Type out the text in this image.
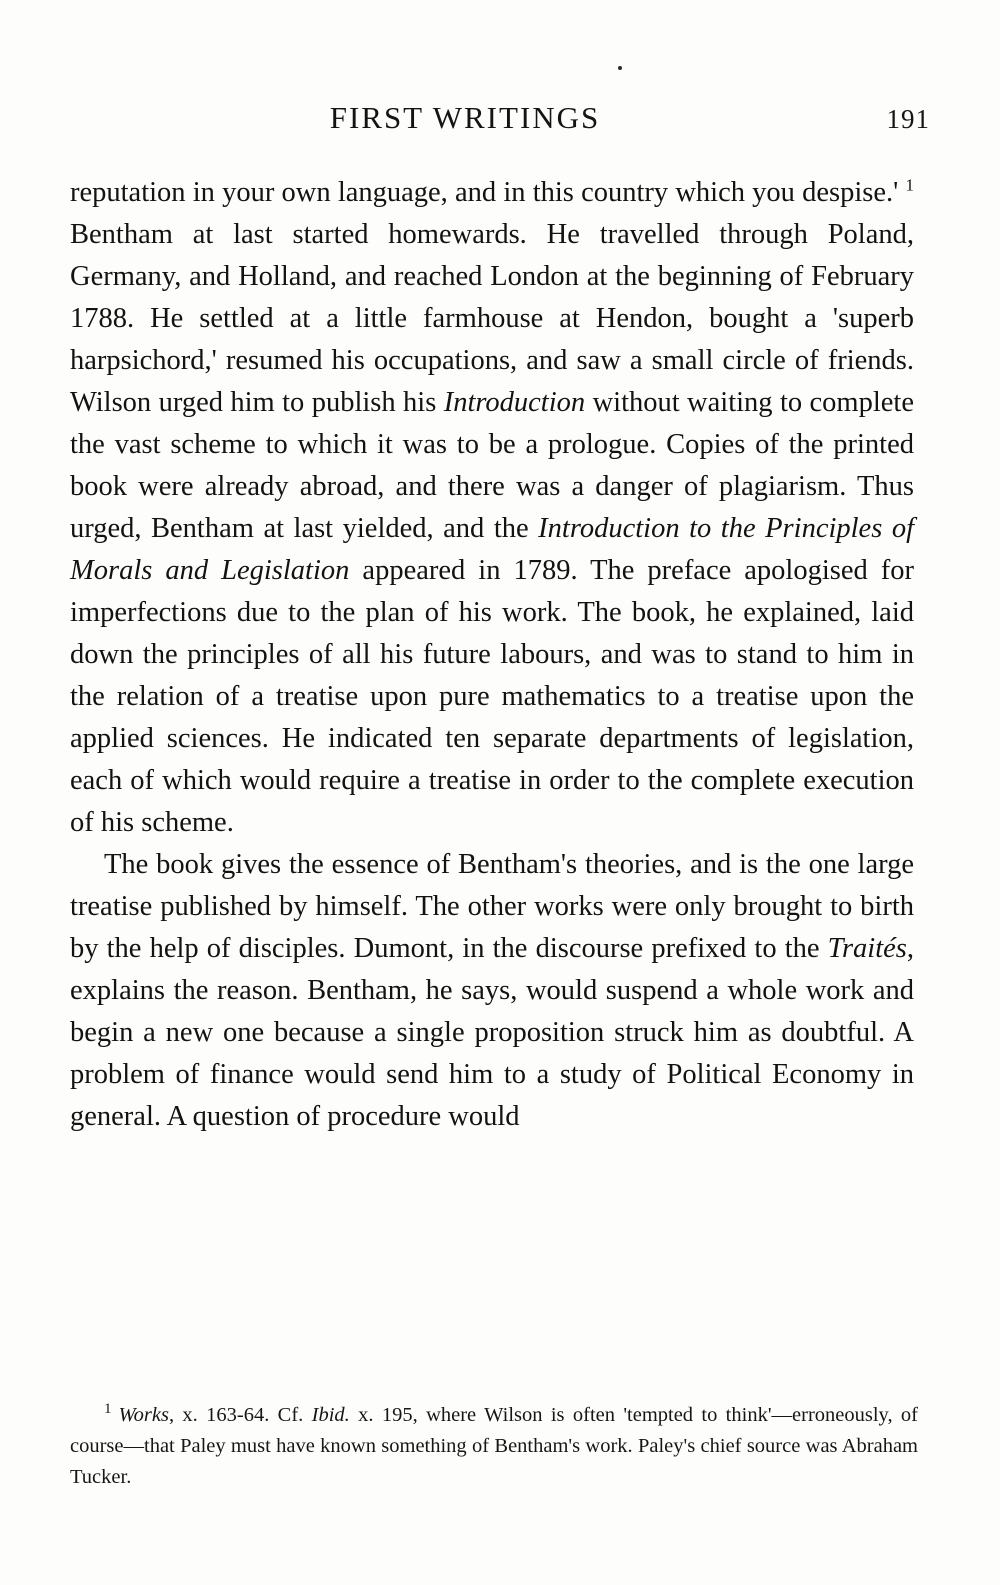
FIRST WRITINGS	191

reputation in your own language, and in this country which you despise.' $^1$ Bentham at last started homewards. He travelled through Poland, Germany, and Holland, and reached London at the beginning of February 1788. He settled at a little farmhouse at Hendon, bought a 'superb harpsichord,' resumed his occupations, and saw a small circle of friends. Wilson urged him to publish his Introduction without waiting to complete the vast scheme to which it was to be a prologue. Copies of the printed book were already abroad, and there was a danger of plagiarism. Thus urged, Bentham at last yielded, and the Introduction to the Principles of Morals and Legislation appeared in 1789. The preface apologised for imperfections due to the plan of his work. The book, he explained, laid down the principles of all his future labours, and was to stand to him in the relation of a treatise upon pure mathematics to a treatise upon the applied sciences. He indicated ten separate departments of legislation, each of which would require a treatise in order to the complete execution of his scheme.

The book gives the essence of Bentham's theories, and is the one large treatise published by himself. The other works were only brought to birth by the help of disciples. Dumont, in the discourse prefixed to the Traités, explains the reason. Bentham, he says, would suspend a whole work and begin a new one because a single proposition struck him as doubtful. A problem of finance would send him to a study of Political Economy in general. A question of procedure would

$^1$ Works, x. 163-64. Cf. Ibid. x. 195, where Wilson is often 'tempted to think'—erroneously, of course—that Paley must have known something of Bentham's work. Paley's chief source was Abraham Tucker.
